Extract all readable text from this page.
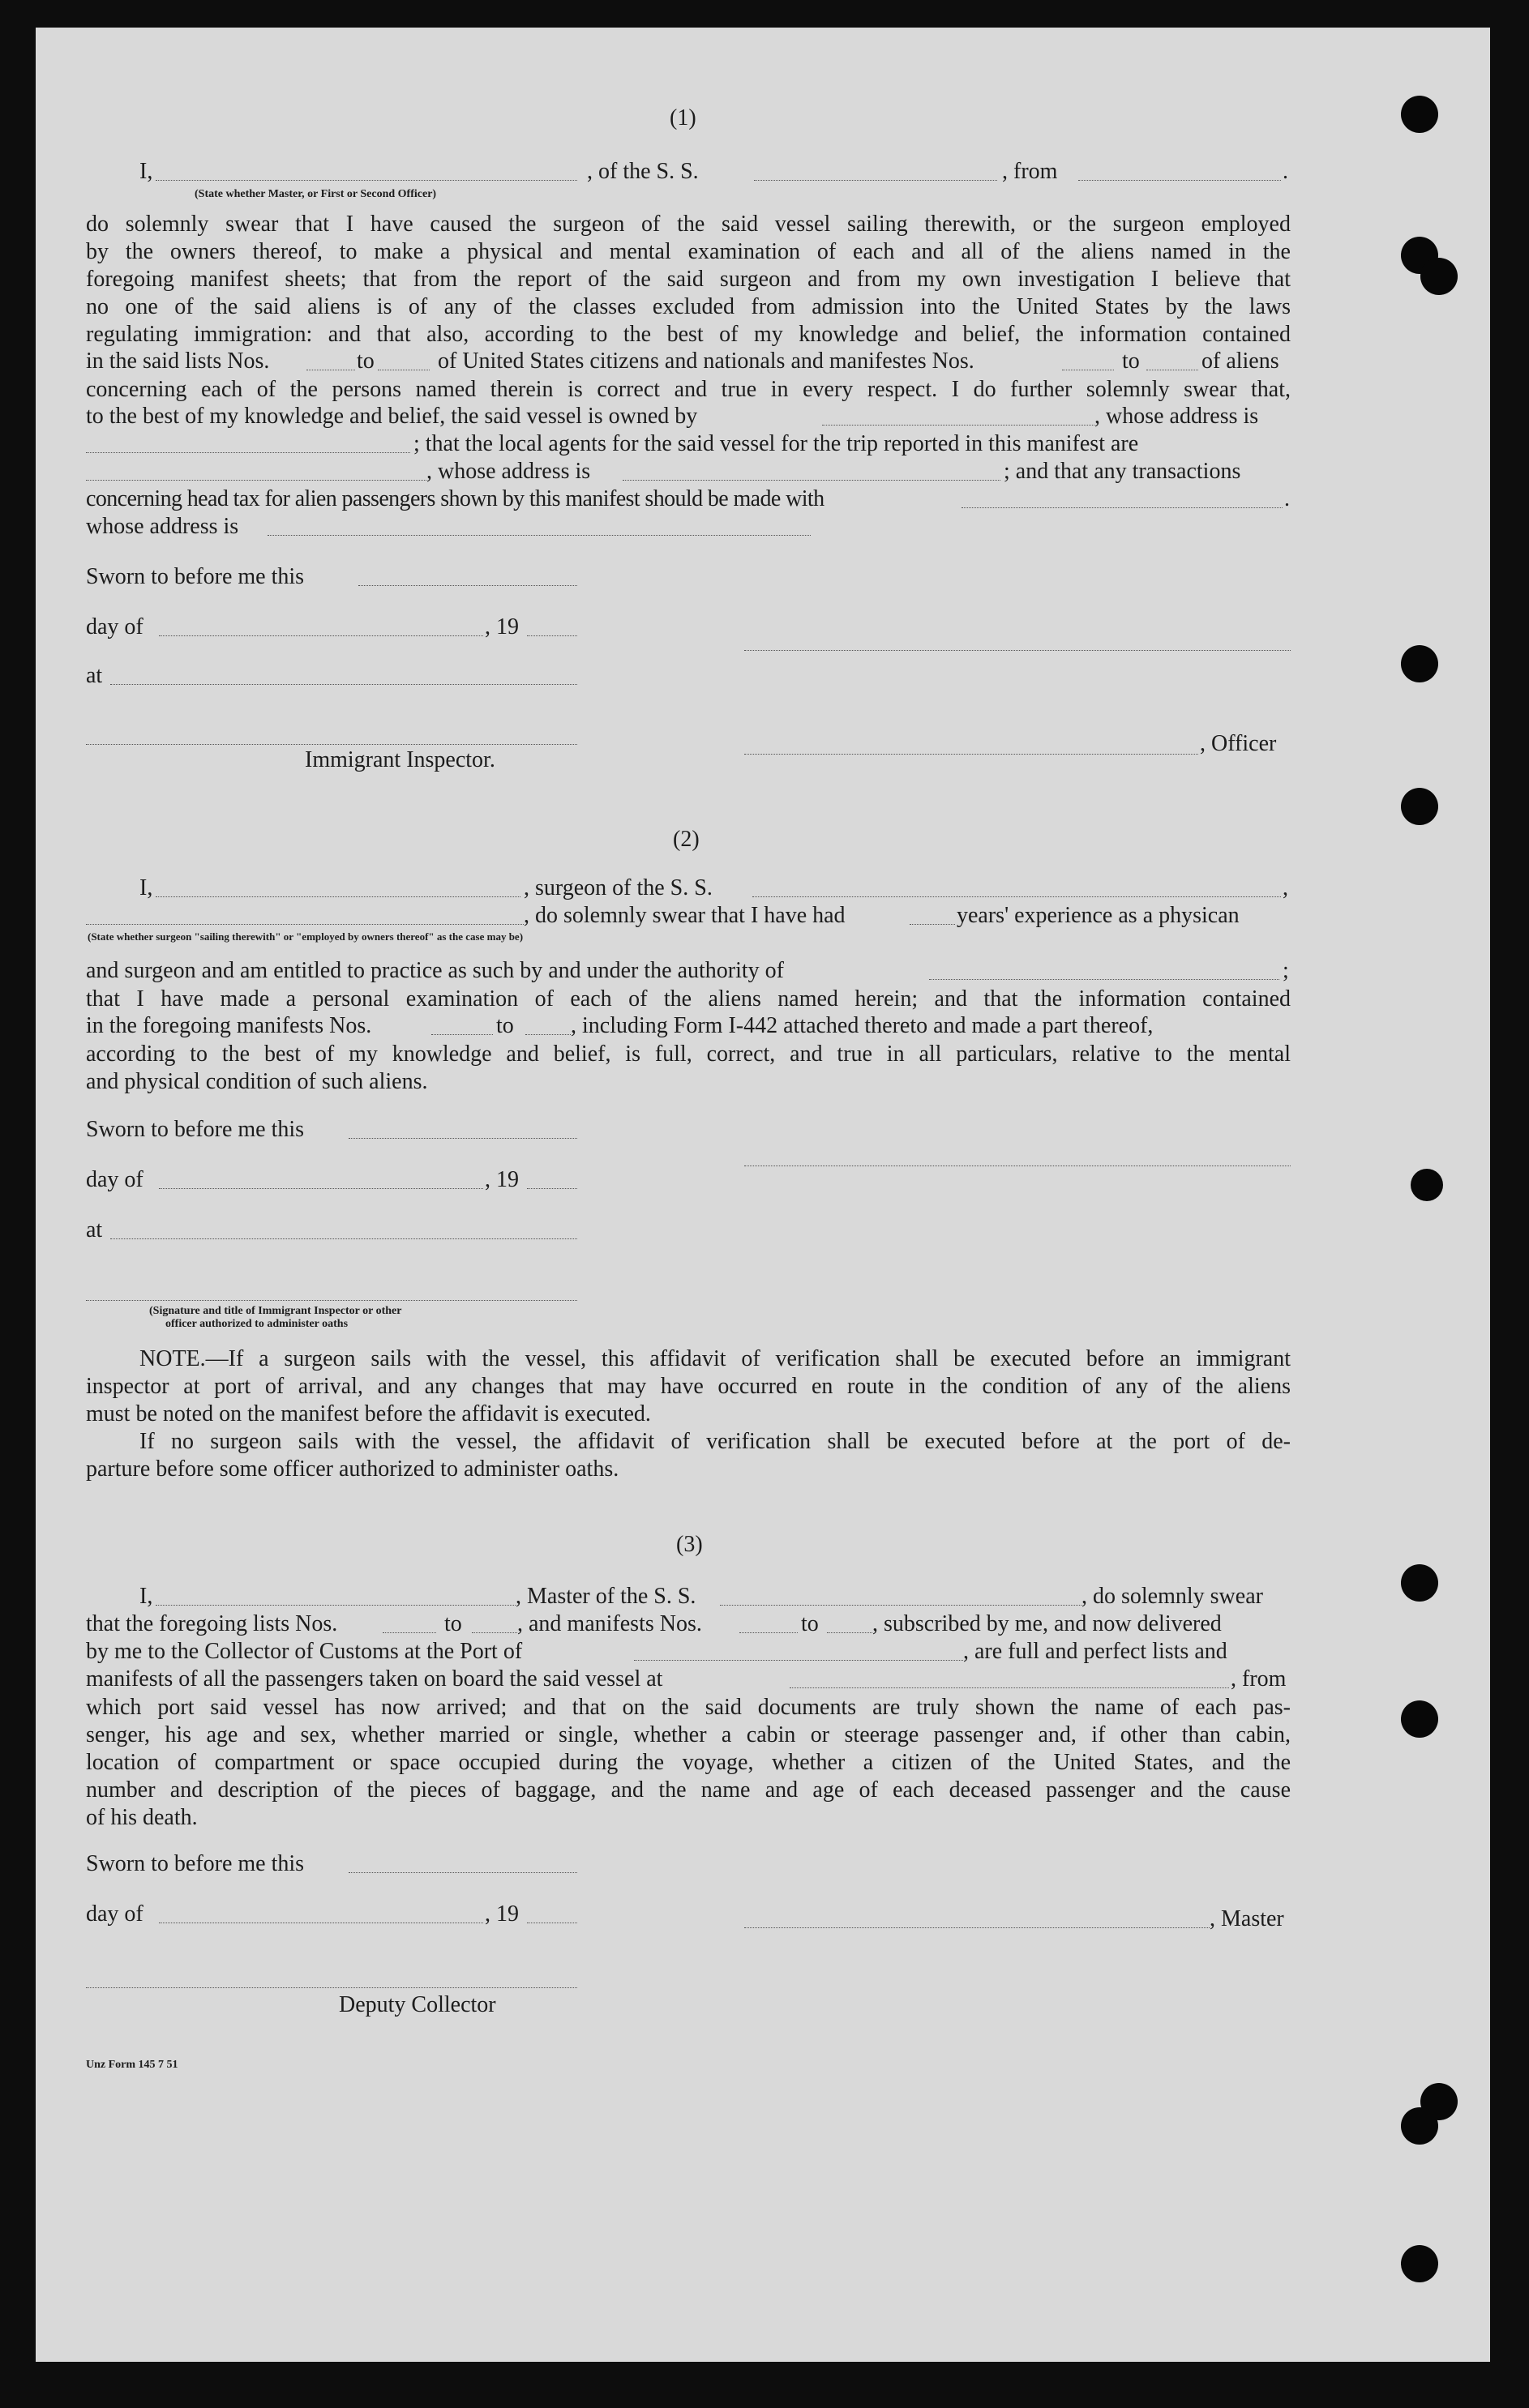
(1)
I,	, of the S. S.	, from	.
(State whether Master, or First or Second Officer)
do solemnly swear that I have caused the surgeon of the said vessel sailing therewith, or the surgeon employed
by the owners thereof, to make a physical and mental examination of each and all of the aliens named in the
foregoing manifest sheets; that from the report of the said surgeon and from my own investigation I believe that
no one of the said aliens is of any of the classes excluded from admission into the United States by the laws
regulating immigration: and that also, according to the best of my knowledge and belief, the information contained
in the said lists Nos.	to	of United States citizens and nationals and manifestes Nos.	to	of aliens
concerning each of the persons named therein is correct and true in every respect. I do further solemnly swear that,
to the best of my knowledge and belief, the said vessel is owned by	, whose address is
; that the local agents for the said vessel for the trip reported in this manifest are
, whose address is	; and that any transactions
concerning head tax for alien passengers shown by this manifest should be made with	.
whose address is
Sworn to before me this
day of	, 19
at
Immigrant Inspector.
, Officer
(2)
I,	, surgeon of the S. S.	,
, do solemnly swear that I have had	years' experience as a physican
(State whether surgeon "sailing therewith" or "employed by owners thereof" as the case may be)
and surgeon and am entitled to practice as such by and under the authority of	;
that I have made a personal examination of each of the aliens named herein; and that the information contained
in the foregoing manifests Nos.	to	, including Form I-442 attached thereto and made a part thereof,
according to the best of my knowledge and belief, is full, correct, and true in all particulars, relative to the mental
and physical condition of such aliens.
Sworn to before me this
day of	, 19
at
(Signature and title of Immigrant Inspector or other
officer authorized to administer oaths
NOTE.—If a surgeon sails with the vessel, this affidavit of verification shall be executed before an immigrant
inspector at port of arrival, and any changes that may have occurred en route in the condition of any of the aliens
must be noted on the manifest before the affidavit is executed.
If no surgeon sails with the vessel, the affidavit of verification shall be executed before at the port of de-
parture before some officer authorized to administer oaths.
(3)
I,	, Master of the S. S.	, do solemnly swear
that the foregoing lists Nos.	to , and manifests Nos.	to , subscribed by me, and now delivered
by me to the Collector of Customs at the Port of	, are full and perfect lists and
manifests of all the passengers taken on board the said vessel at	, from
which port said vessel has now arrived; and that on the said documents are truly shown the name of each pas-
senger, his age and sex, whether married or single, whether a cabin or steerage passenger and, if other than cabin,
location of compartment or space occupied during the voyage, whether a citizen of the United States, and the
number and description of the pieces of baggage, and the name and age of each deceased passenger and the cause
of his death.
Sworn to before me this
day of	, 19	, Master
Deputy Collector
Unz Form 145 7 51
